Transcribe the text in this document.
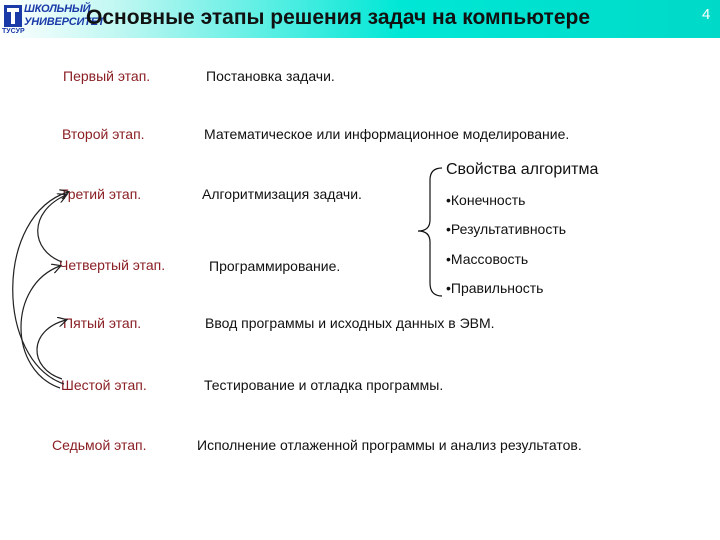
ШКОЛЬНЫЙ
УНИВЕРСИТЕТ
ТУСУР
Основные этапы решения задач на компьютере	4
Первый этап.
Второй этап.
Третий этап.
Четвертый этап.
Пятый этап.
Шестой этап.
Седьмой этап.
Постановка задачи.
Математическое или информационное моделирование.
Алгоритмизация задачи.
Программирование.
Ввод программы и исходных данных в ЭВМ.
Тестирование и отладка программы.
Исполнение отлаженной программы и анализ результатов.
Свойства алгоритма
•Конечность
•Результативность
•Массовость
•Правильность
